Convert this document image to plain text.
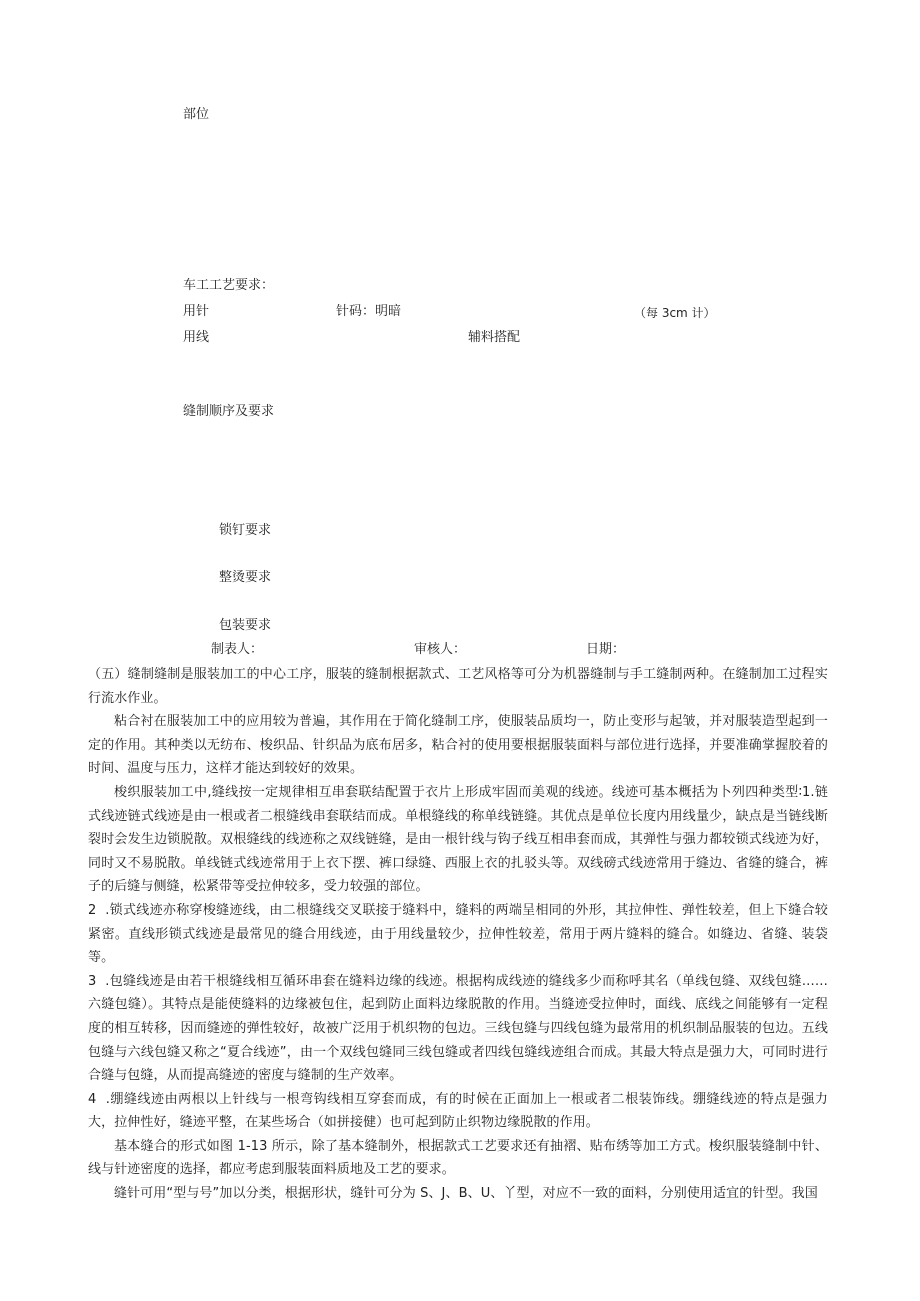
部位
车工工艺要求：
用针	针码：明暗	（每 3cm 计）
用线	辅料搭配
缝制顺序及要求
锁钉要求
整烫要求
包装要求
制表人：	审核人：	日期：

（五）缝制缝制是服装加工的中心工序，服装的缝制根据款式、工艺风格等可分为机器缝制与手工缝制两种。在缝制加工过程实行流水作业。

粘合衬在服装加工中的应用较为普遍，其作用在于简化缝制工序，使服装品质均一，防止变形与起皱，并对服装造型起到一定的作用。其种类以无纺布、梭织品、针织品为底布居多，粘合衬的使用要根据服装面料与部位进行选择，并要准确掌握胶着的时间、温度与压力，这样才能达到较好的效果。

梭织服装加工中,缝线按一定规律相互串套联结配置于衣片上形成牢固而美观的线迹。线迹可基本概括为卜列四种类型∶1.链式线迹链式线迹是由一根或者二根缝线串套联结而成。单根缝线的称单线链缝。其优点是单位长度内用线量少，缺点是当链线断裂时会发生边锁脱散。双根缝线的线迹称之双线链缝，是由一根针线与钩子线互相串套而成，其弹性与强力都较锁式线迹为好，同时又不易脱散。单线链式线迹常用于上衣下摆、裤口绿缝、西服上衣的扎驳头等。双线磅式线迹常用于缝边、省缝的缝合，裤子的后缝与侧缝，松紧带等受拉伸较多，受力较强的部位。

2  .锁式线迹亦称穿梭缝迹线，由二根缝线交叉联接于缝料中，缝料的两端呈相同的外形，其拉伸性、弹性较差，但上下缝合较紧密。直线形锁式线迹是最常见的缝合用线迹，由于用线量较少，拉伸性较差，常用于两片缝料的缝合。如缝边、省缝、装袋等。

3  .包缝线迹是由若干根缝线相互循环串套在缝料边缘的线迹。根据构成线迹的缝线多少而称呼其名（单线包缝、双线包缝……六缝包缝）。其特点是能使缝料的边缘被包住，起到防止面料边缘脱散的作用。当缝迹受拉伸时，面线、底线之间能够有一定程度的相互转移，因而缝迹的弹性较好，故被广泛用于机织物的包边。三线包缝与四线包缝为最常用的机织制品服装的包边。五线包缝与六线包缝又称之“夏合线迹”，由一个双线包缝同三线包缝或者四线包缝线迹组合而成。其最大特点是强力大，可同时进行合缝与包缝，从而提高缝迹的密度与缝制的生产效率。

4  .绷缝线迹由两根以上针线与一根弯钩线相互穿套而成，有的时候在正面加上一根或者二根装饰线。绷缝线迹的特点是强力大，拉伸性好，缝迹平整，在某些场合（如拼接健）也可起到防止织物边缘脱散的作用。

基本缝合的形式如图 1-13 所示，除了基本缝制外，根据款式工艺要求还有抽褶、贴布绣等加工方式。梭织服装缝制中针、线与针迹密度的选择，都应考虑到服装面料质地及工艺的要求。

缝针可用“型与号”加以分类，根据形状，缝针可分为 S、J、B、U、丫型，对应不一致的面料，分别使用适宜的针型。我国
